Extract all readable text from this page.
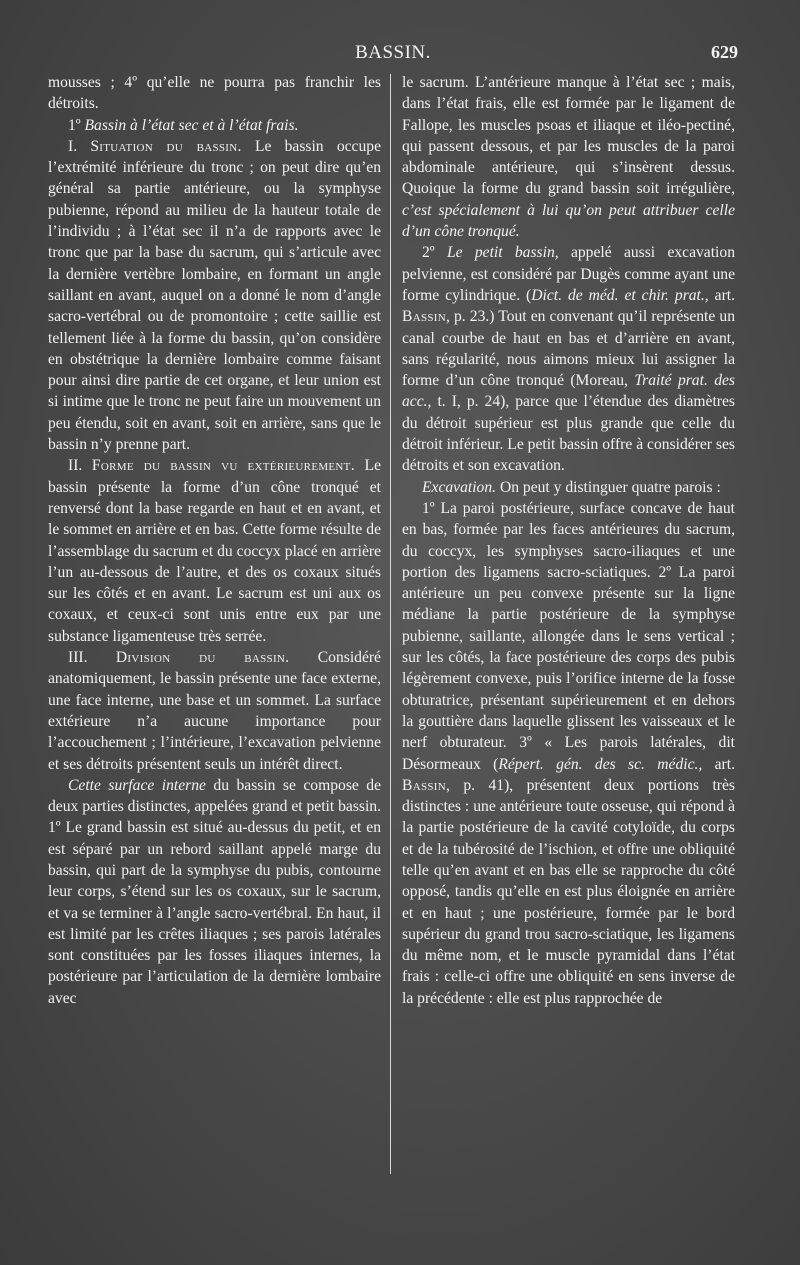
BASSIN.	629

mousses ; 4º qu’elle ne pourra pas franchir les détroits.

1º Bassin à l’état sec et à l’état frais.

I. Situation du bassin. Le bassin occupe l’extrémité inférieure du tronc ; on peut dire qu’en général sa partie antérieure, ou la symphyse pubienne, répond au milieu de la hauteur totale de l’individu ; à l’état sec il n’a de rapports avec le tronc que par la base du sacrum, qui s’articule avec la dernière vertèbre lombaire, en formant un angle saillant en avant, auquel on a donné le nom d’angle sacro-vertébral ou de promontoire ; cette saillie est tellement liée à la forme du bassin, qu’on considère en obstétrique la dernière lombaire comme faisant pour ainsi dire partie de cet organe, et leur union est si intime que le tronc ne peut faire un mouvement un peu étendu, soit en avant, soit en arrière, sans que le bassin n’y prenne part.

II. Forme du bassin vu extérieurement. Le bassin présente la forme d’un cône tronqué et renversé dont la base regarde en haut et en avant, et le sommet en arrière et en bas. Cette forme résulte de l’assemblage du sacrum et du coccyx placé en arrière l’un au-dessous de l’autre, et des os coxaux situés sur les côtés et en avant. Le sacrum est uni aux os coxaux, et ceux-ci sont unis entre eux par une substance ligamenteuse très serrée.

III. Division du bassin. Considéré anatomiquement, le bassin présente une face externe, une face interne, une base et un sommet. La surface extérieure n’a aucune importance pour l’accouchement ; l’intérieure, l’excavation pelvienne et ses détroits présentent seuls un intérêt direct.

Cette surface interne du bassin se compose de deux parties distinctes, appelées grand et petit bassin. 1º Le grand bassin est situé au-dessus du petit, et en est séparé par un rebord saillant appelé marge du bassin, qui part de la symphyse du pubis, contourne leur corps, s’étend sur les os coxaux, sur le sacrum, et va se terminer à l’angle sacro-vertébral. En haut, il est limité par les crêtes iliaques ; ses parois latérales sont constituées par les fosses iliaques internes, la postérieure par l’articulation de la dernière lombaire avec

le sacrum. L’antérieure manque à l’état sec ; mais, dans l’état frais, elle est formée par le ligament de Fallope, les muscles psoas et iliaque et iléo-pectiné, qui passent dessous, et par les muscles de la paroi abdominale antérieure, qui s’insèrent dessus. Quoique la forme du grand bassin soit irrégulière, c’est spécialement à lui qu’on peut attribuer celle d’un cône tronqué.

2º Le petit bassin, appelé aussi excavation pelvienne, est considéré par Dugès comme ayant une forme cylindrique. (Dict. de méd. et chir. prat., art. Bassin, p. 23.) Tout en convenant qu’il représente un canal courbe de haut en bas et d’arrière en avant, sans régularité, nous aimons mieux lui assigner la forme d’un cône tronqué (Moreau, Traité prat. des acc., t. I, p. 24), parce que l’étendue des diamètres du détroit supérieur est plus grande que celle du détroit inférieur. Le petit bassin offre à considérer ses détroits et son excavation.

Excavation. On peut y distinguer quatre parois :

1º La paroi postérieure, surface concave de haut en bas, formée par les faces antérieures du sacrum, du coccyx, les symphyses sacro-iliaques et une portion des ligamens sacro-sciatiques. 2º La paroi antérieure un peu convexe présente sur la ligne médiane la partie postérieure de la symphyse pubienne, saillante, allongée dans le sens vertical ; sur les côtés, la face postérieure des corps des pubis légèrement convexe, puis l’orifice interne de la fosse obturatrice, présentant supérieurement et en dehors la gouttière dans laquelle glissent les vaisseaux et le nerf obturateur. 3º « Les parois latérales, dit Désormeaux (Répert. gén. des sc. médic., art. Bassin, p. 41), présentent deux portions très distinctes : une antérieure toute osseuse, qui répond à la partie postérieure de la cavité cotyloïde, du corps et de la tubérosité de l’ischion, et offre une obliquité telle qu’en avant et en bas elle se rapproche du côté opposé, tandis qu’elle en est plus éloignée en arrière et en haut ; une postérieure, formée par le bord supérieur du grand trou sacro-sciatique, les ligamens du même nom, et le muscle pyramidal dans l’état frais : celle-ci offre une obliquité en sens inverse de la précédente : elle est plus rapprochée de
